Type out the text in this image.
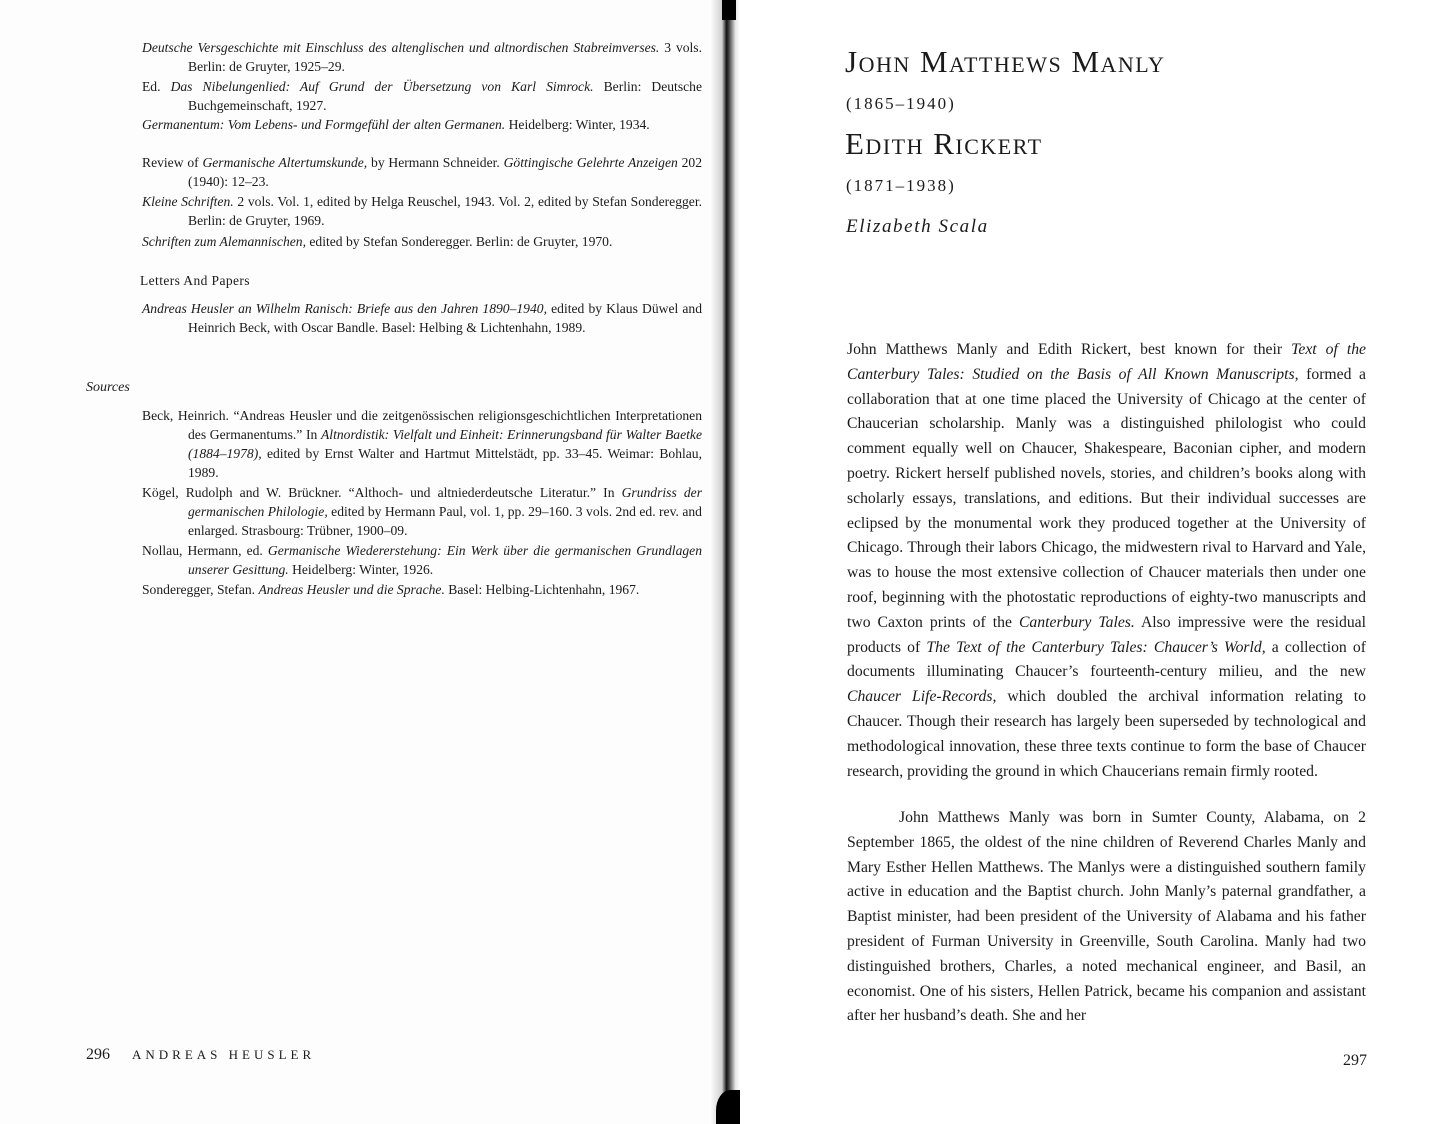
Deutsche Versgeschichte mit Einschluss des altenglischen und altnordischen Stabreimverses. 3 vols. Berlin: de Gruyter, 1925–29.
Ed. Das Nibelungenlied: Auf Grund der Übersetzung von Karl Simrock. Berlin: Deutsche Buchgemeinschaft, 1927.
Germanentum: Vom Lebens- und Formgefühl der alten Germanen. Heidelberg: Winter, 1934.
Review of Germanische Altertumskunde, by Hermann Schneider. Göttingische Gelehrte Anzeigen 202 (1940): 12–23.
Kleine Schriften. 2 vols. Vol. 1, edited by Helga Reuschel, 1943. Vol. 2, edited by Stefan Sonderegger. Berlin: de Gruyter, 1969.
Schriften zum Alemannischen, edited by Stefan Sonderegger. Berlin: de Gruyter, 1970.
Letters And Papers
Andreas Heusler an Wilhelm Ranisch: Briefe aus den Jahren 1890–1940, edited by Klaus Düwel and Heinrich Beck, with Oscar Bandle. Basel: Helbing & Lichtenhahn, 1989.
Sources
Beck, Heinrich. “Andreas Heusler und die zeitgenössischen religionsgeschichtlichen Interpretationen des Germanentums.” In Altnordistik: Vielfalt und Einheit: Erinnerungsband für Walter Baetke (1884–1978), edited by Ernst Walter and Hartmut Mittelstädt, pp. 33–45. Weimar: Bohlau, 1989.
Kögel, Rudolph and W. Brückner. “Althoch- und altniederdeutsche Literatur.” In Grundriss der germanischen Philologie, edited by Hermann Paul, vol. 1, pp. 29–160. 3 vols. 2nd ed. rev. and enlarged. Strasbourg: Trübner, 1900–09.
Nollau, Hermann, ed. Germanische Wiedererstehung: Ein Werk über die germanischen Grundlagen unserer Gesittung. Heidelberg: Winter, 1926.
Sonderegger, Stefan. Andreas Heusler und die Sprache. Basel: Helbing-Lichtenhahn, 1967.
296 ANDREAS HEUSLER
John Matthews Manly
(1865–1940)
Edith Rickert
(1871–1938)
Elizabeth Scala
John Matthews Manly and Edith Rickert, best known for their Text of the Canterbury Tales: Studied on the Basis of All Known Manuscripts, formed a collaboration that at one time placed the University of Chicago at the center of Chaucerian scholarship. Manly was a distinguished philologist who could comment equally well on Chaucer, Shakespeare, Baconian cipher, and modern poetry. Rickert herself published novels, stories, and children’s books along with scholarly essays, translations, and editions. But their individual successes are eclipsed by the monumental work they produced together at the University of Chicago. Through their labors Chicago, the midwestern rival to Harvard and Yale, was to house the most extensive collection of Chaucer materials then under one roof, beginning with the photostatic reproductions of eighty-two manuscripts and two Caxton prints of the Canterbury Tales. Also impressive were the residual products of The Text of the Canterbury Tales: Chaucer’s World, a collection of documents illuminating Chaucer’s fourteenth-century milieu, and the new Chaucer Life-Records, which doubled the archival information relating to Chaucer. Though their research has largely been superseded by technological and methodological innovation, these three texts continue to form the base of Chaucer research, providing the ground in which Chaucerians remain firmly rooted.
John Matthews Manly was born in Sumter County, Alabama, on 2 September 1865, the oldest of the nine children of Reverend Charles Manly and Mary Esther Hellen Matthews. The Manlys were a distinguished southern family active in education and the Baptist church. John Manly’s paternal grandfather, a Baptist minister, had been president of the University of Alabama and his father president of Furman University in Greenville, South Carolina. Manly had two distinguished brothers, Charles, a noted mechanical engineer, and Basil, an economist. One of his sisters, Hellen Patrick, became his companion and assistant after her husband’s death. She and her
297
